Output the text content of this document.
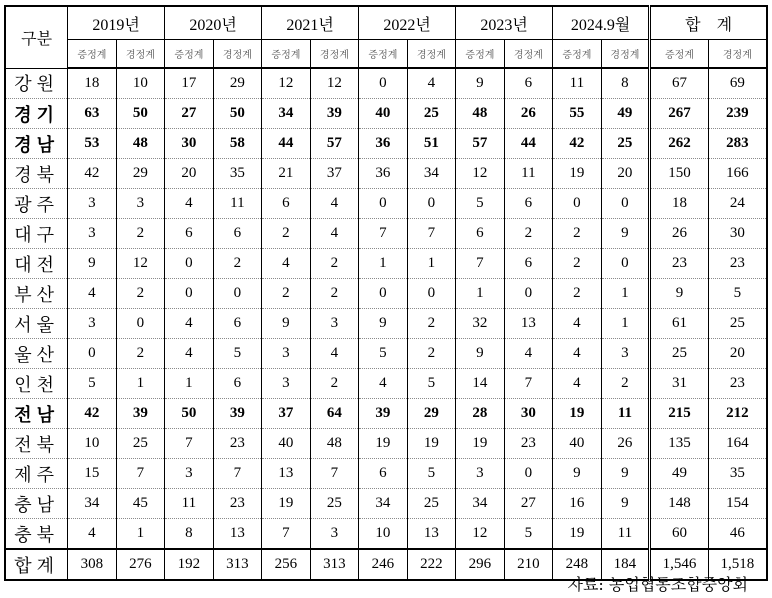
구분	2019년		2020년		2021년		2022년		2023년		2024.9월		합　계	
	증정계	경정계	증정계	경정계	증정계	경정계	증정계	경정계	증정계	경정계	증정계	경정계	증정계	경정계
강원	18	10	17	29	12	12	0	4	9	6	11	8	67	69
경기	63	50	27	50	34	39	40	25	48	26	55	49	267	239
경남	53	48	30	58	44	57	36	51	57	44	42	25	262	283
경북	42	29	20	35	21	37	36	34	12	11	19	20	150	166
광주	3	3	4	11	6	4	0	0	5	6	0	0	18	24
대구	3	2	6	6	2	4	7	7	6	2	2	9	26	30
대전	9	12	0	2	4	2	1	1	7	6	2	0	23	23
부산	4	2	0	0	2	2	0	0	1	0	2	1	9	5
서울	3	0	4	6	9	3	9	2	32	13	4	1	61	25
울산	0	2	4	5	3	4	5	2	9	4	4	3	25	20
인천	5	1	1	6	3	2	4	5	14	7	4	2	31	23
전남	42	39	50	39	37	64	39	29	28	30	19	11	215	212
전북	10	25	7	23	40	48	19	19	19	23	40	26	135	164
제주	15	7	3	7	13	7	6	5	3	0	9	9	49	35
충남	34	45	11	23	19	25	34	25	34	27	16	9	148	154
충북	4	1	8	13	7	3	10	13	12	5	19	11	60	46
합계	308	276	192	313	256	313	246	222	296	210	248	184	1,546	1,518
자료: 농업협동조합중앙회
